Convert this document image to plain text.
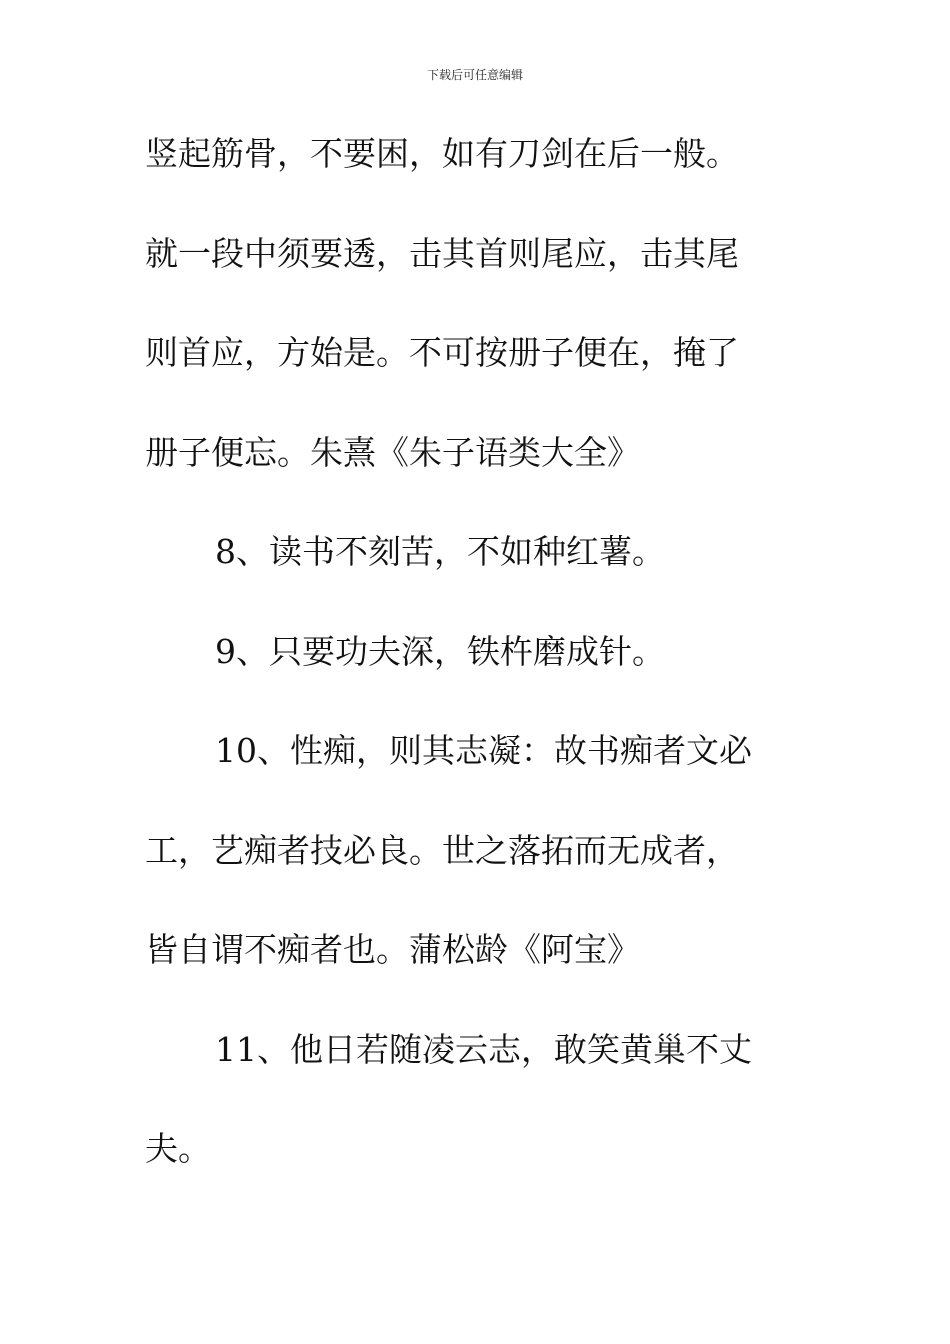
下载后可任意编辑
竖起筋骨，不要困，如有刀剑在后一般。
就一段中须要透，击其首则尾应，击其尾
则首应，方始是。不可按册子便在，掩了
册子便忘。朱熹《朱子语类大全》
8、读书不刻苦，不如种红薯。
9、只要功夫深，铁杵磨成针。
10、性痴，则其志凝：故书痴者文必
工，艺痴者技必良。世之落拓而无成者，
皆自谓不痴者也。蒲松龄《阿宝》
11、他日若随凌云志，敢笑黄巢不丈
夫。
